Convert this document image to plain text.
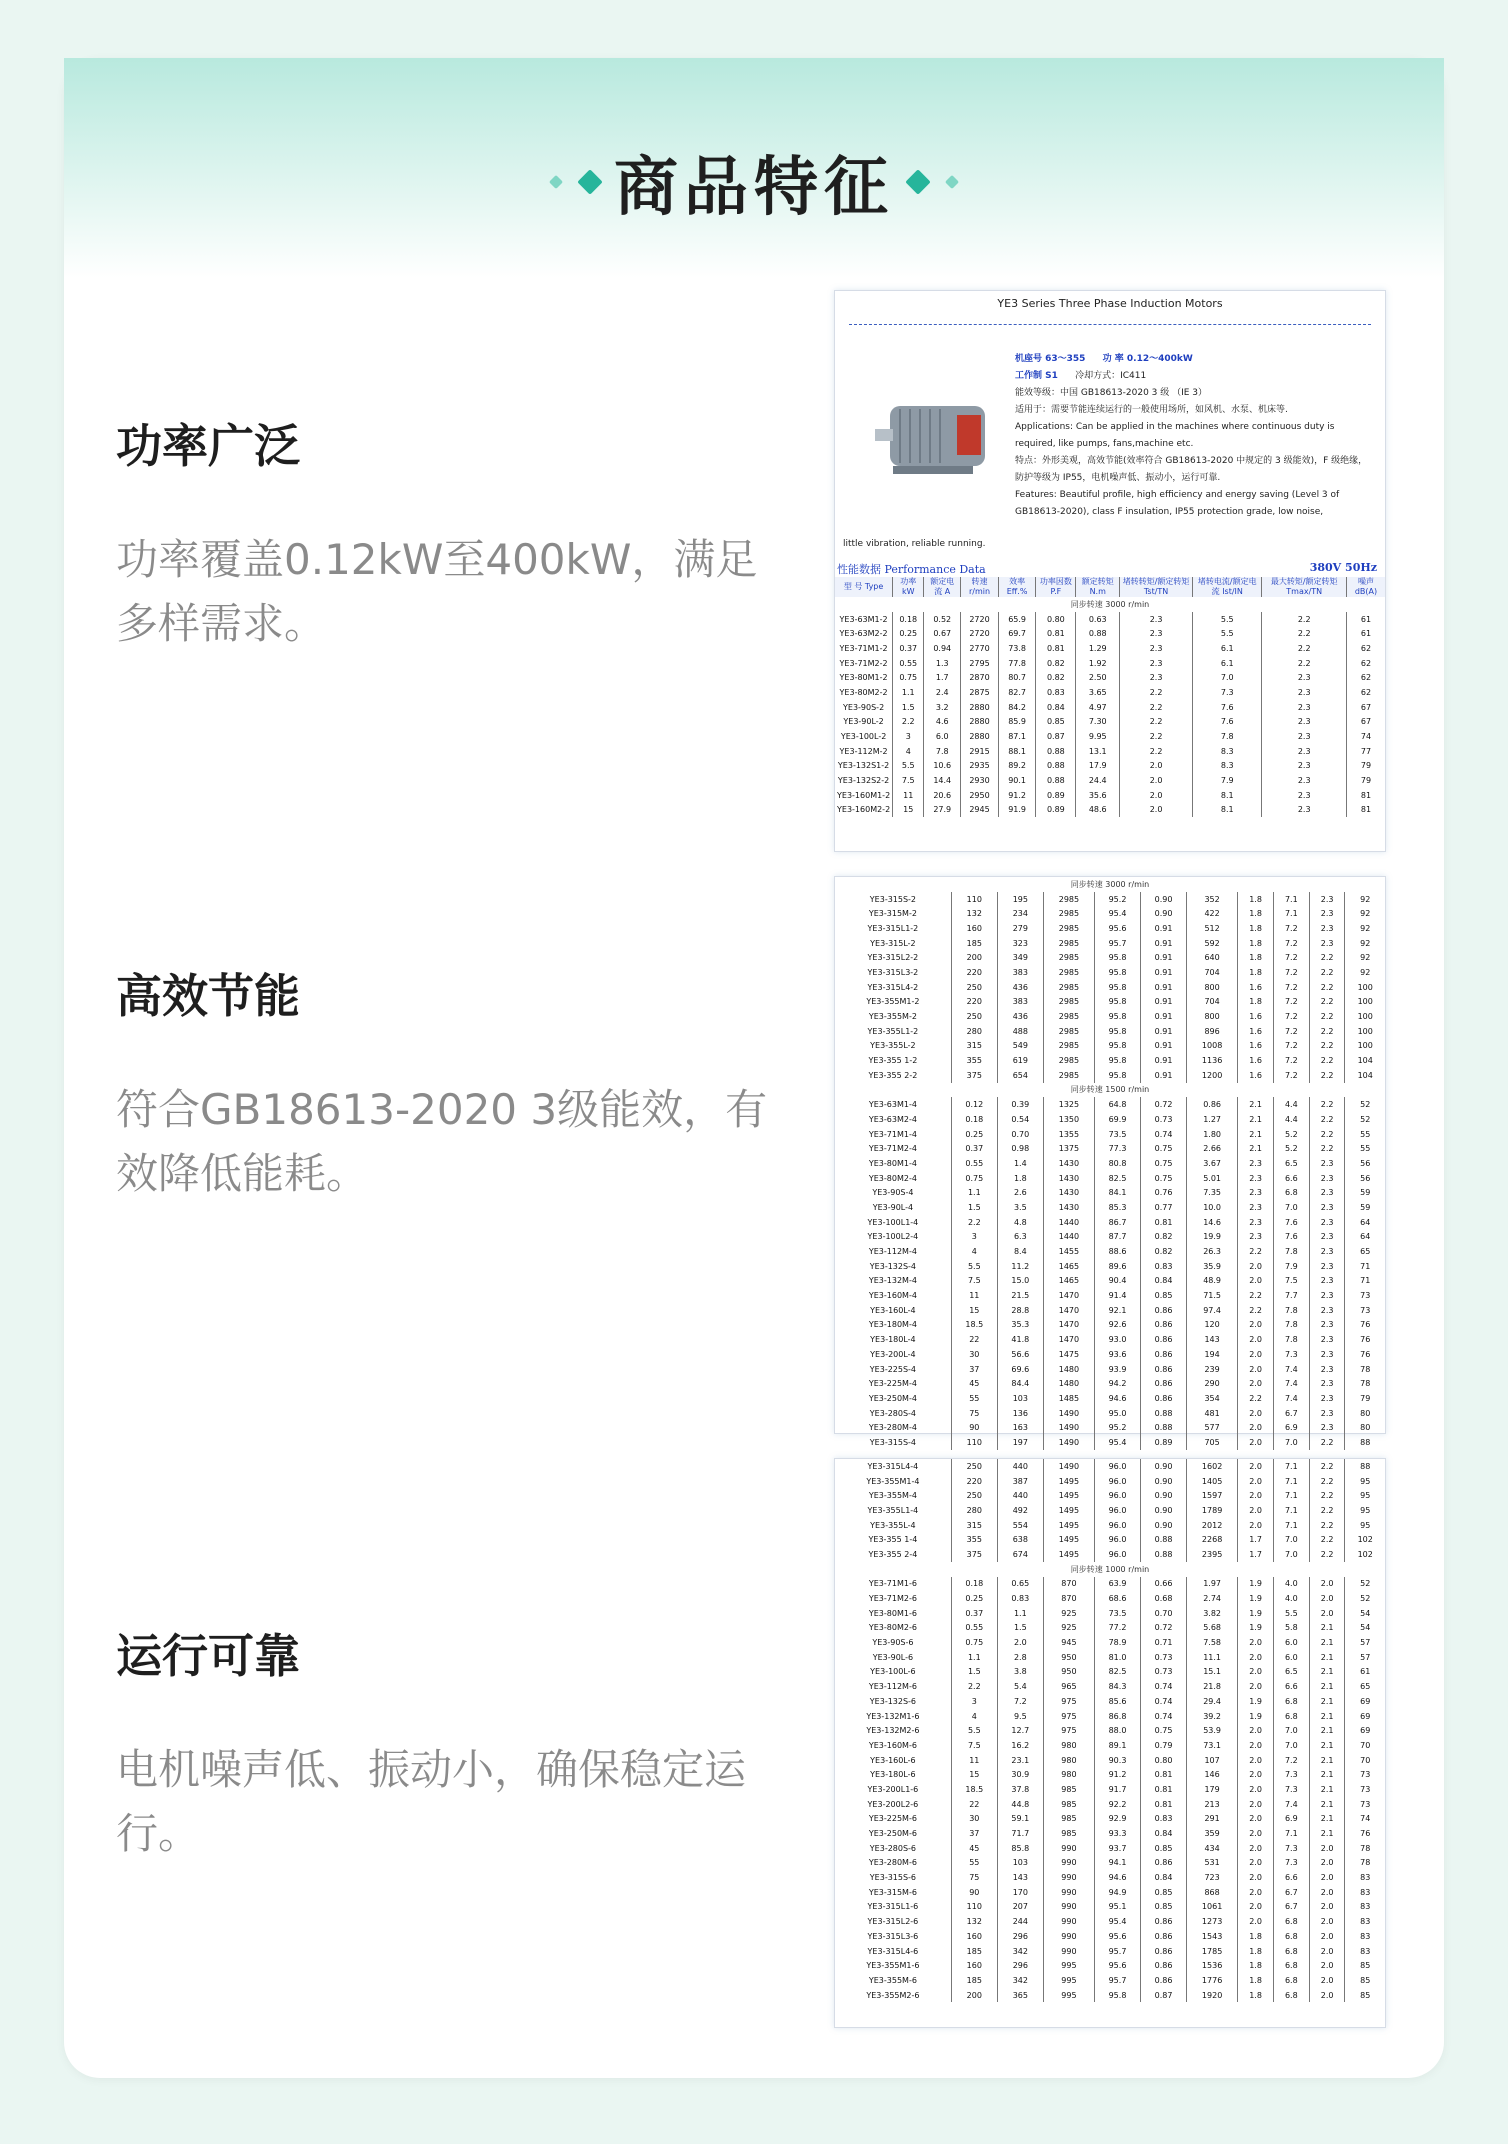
商品特征
功率广泛

功率覆盖0.12kW至400kW，满足多样需求。

高效节能

符合GB18613-2020 3级能效，有效降低能耗。

运行可靠

电机噪声低、振动小，确保稳定运行。

YE3 Series Three Phase Induction Motors
机座号 63～355 功 率 0.12～400kW
工作制 S1 冷却方式：IC411
能效等级：中国 GB18613-2020 3 级 （IE 3）
适用于：需要节能连续运行的一般使用场所，如风机、水泵、机床等.
Applications: Can be applied in the machines where continuous duty is required, like pumps, fans,machine etc.
特点：外形美观，高效节能(效率符合 GB18613-2020 中规定的 3 级能效)，F 级绝缘，防护等级为 IP55，电机噪声低、振动小，运行可靠.
Features: Beautiful profile, high efficiency and energy saving (Level 3 of GB18613-2020), class F insulation, IP55 protection grade, low noise,
little vibration, reliable running.
性能数据 Performance Data	380V 50Hz
型 号 Type	功率 kW	额定电流 A	转速 r/min	效率 Eff.%	功率因数 P.F	额定转矩 N.m	堵转转矩/额定转矩 Tst/TN	堵转电流/额定电流 Ist/IN	最大转矩/额定转矩 Tmax/TN	噪声 dB(A)
同步转速 3000 r/min										
YE3-63M1-2	0.18	0.52	2720	65.9	0.80	0.63	2.3	5.5	2.2	61
YE3-63M2-2	0.25	0.67	2720	69.7	0.81	0.88	2.3	5.5	2.2	61
YE3-71M1-2	0.37	0.94	2770	73.8	0.81	1.29	2.3	6.1	2.2	62
YE3-71M2-2	0.55	1.3	2795	77.8	0.82	1.92	2.3	6.1	2.2	62
YE3-80M1-2	0.75	1.7	2870	80.7	0.82	2.50	2.3	7.0	2.3	62
YE3-80M2-2	1.1	2.4	2875	82.7	0.83	3.65	2.2	7.3	2.3	62
YE3-90S-2	1.5	3.2	2880	84.2	0.84	4.97	2.2	7.6	2.3	67
YE3-90L-2	2.2	4.6	2880	85.9	0.85	7.30	2.2	7.6	2.3	67
YE3-100L-2	3	6.0	2880	87.1	0.87	9.95	2.2	7.8	2.3	74
YE3-112M-2	4	7.8	2915	88.1	0.88	13.1	2.2	8.3	2.3	77
YE3-132S1-2	5.5	10.6	2935	89.2	0.88	17.9	2.0	8.3	2.3	79
YE3-132S2-2	7.5	14.4	2930	90.1	0.88	24.4	2.0	7.9	2.3	79
YE3-160M1-2	11	20.6	2950	91.2	0.89	35.6	2.0	8.1	2.3	81
YE3-160M2-2	15	27.9	2945	91.9	0.89	48.6	2.0	8.1	2.3	81
同步转速 3000 r/min										
YE3-315S-2	110	195	2985	95.2	0.90	352	1.8	7.1	2.3	92
YE3-315M-2	132	234	2985	95.4	0.90	422	1.8	7.1	2.3	92
YE3-315L1-2	160	279	2985	95.6	0.91	512	1.8	7.2	2.3	92
YE3-315L-2	185	323	2985	95.7	0.91	592	1.8	7.2	2.3	92
YE3-315L2-2	200	349	2985	95.8	0.91	640	1.8	7.2	2.2	92
YE3-315L3-2	220	383	2985	95.8	0.91	704	1.8	7.2	2.2	92
YE3-315L4-2	250	436	2985	95.8	0.91	800	1.6	7.2	2.2	100
YE3-355M1-2	220	383	2985	95.8	0.91	704	1.8	7.2	2.2	100
YE3-355M-2	250	436	2985	95.8	0.91	800	1.6	7.2	2.2	100
YE3-355L1-2	280	488	2985	95.8	0.91	896	1.6	7.2	2.2	100
YE3-355L-2	315	549	2985	95.8	0.91	1008	1.6	7.2	2.2	100
YE3-355 1-2	355	619	2985	95.8	0.91	1136	1.6	7.2	2.2	104
YE3-355 2-2	375	654	2985	95.8	0.91	1200	1.6	7.2	2.2	104
同步转速 1500 r/min										
YE3-63M1-4	0.12	0.39	1325	64.8	0.72	0.86	2.1	4.4	2.2	52
YE3-63M2-4	0.18	0.54	1350	69.9	0.73	1.27	2.1	4.4	2.2	52
YE3-71M1-4	0.25	0.70	1355	73.5	0.74	1.80	2.1	5.2	2.2	55
YE3-71M2-4	0.37	0.98	1375	77.3	0.75	2.66	2.1	5.2	2.2	55
YE3-80M1-4	0.55	1.4	1430	80.8	0.75	3.67	2.3	6.5	2.3	56
YE3-80M2-4	0.75	1.8	1430	82.5	0.75	5.01	2.3	6.6	2.3	56
YE3-90S-4	1.1	2.6	1430	84.1	0.76	7.35	2.3	6.8	2.3	59
YE3-90L-4	1.5	3.5	1430	85.3	0.77	10.0	2.3	7.0	2.3	59
YE3-100L1-4	2.2	4.8	1440	86.7	0.81	14.6	2.3	7.6	2.3	64
YE3-100L2-4	3	6.3	1440	87.7	0.82	19.9	2.3	7.6	2.3	64
YE3-112M-4	4	8.4	1455	88.6	0.82	26.3	2.2	7.8	2.3	65
YE3-132S-4	5.5	11.2	1465	89.6	0.83	35.9	2.0	7.9	2.3	71
YE3-132M-4	7.5	15.0	1465	90.4	0.84	48.9	2.0	7.5	2.3	71
YE3-160M-4	11	21.5	1470	91.4	0.85	71.5	2.2	7.7	2.3	73
YE3-160L-4	15	28.8	1470	92.1	0.86	97.4	2.2	7.8	2.3	73
YE3-180M-4	18.5	35.3	1470	92.6	0.86	120	2.0	7.8	2.3	76
YE3-180L-4	22	41.8	1470	93.0	0.86	143	2.0	7.8	2.3	76
YE3-200L-4	30	56.6	1475	93.6	0.86	194	2.0	7.3	2.3	76
YE3-225S-4	37	69.6	1480	93.9	0.86	239	2.0	7.4	2.3	78
YE3-225M-4	45	84.4	1480	94.2	0.86	290	2.0	7.4	2.3	78
YE3-250M-4	55	103	1485	94.6	0.86	354	2.2	7.4	2.3	79
YE3-280S-4	75	136	1490	95.0	0.88	481	2.0	6.7	2.3	80
YE3-280M-4	90	163	1490	95.2	0.88	577	2.0	6.9	2.3	80
YE3-315S-4	110	197	1490	95.4	0.89	705	2.0	7.0	2.2	88
YE3-315L4-4	250	440	1490	96.0	0.90	1602	2.0	7.1	2.2	88
YE3-355M1-4	220	387	1495	96.0	0.90	1405	2.0	7.1	2.2	95
YE3-355M-4	250	440	1495	96.0	0.90	1597	2.0	7.1	2.2	95
YE3-355L1-4	280	492	1495	96.0	0.90	1789	2.0	7.1	2.2	95
YE3-355L-4	315	554	1495	96.0	0.90	2012	2.0	7.1	2.2	95
YE3-355 1-4	355	638	1495	96.0	0.88	2268	1.7	7.0	2.2	102
YE3-355 2-4	375	674	1495	96.0	0.88	2395	1.7	7.0	2.2	102
同步转速 1000 r/min										
YE3-71M1-6	0.18	0.65	870	63.9	0.66	1.97	1.9	4.0	2.0	52
YE3-71M2-6	0.25	0.83	870	68.6	0.68	2.74	1.9	4.0	2.0	52
YE3-80M1-6	0.37	1.1	925	73.5	0.70	3.82	1.9	5.5	2.0	54
YE3-80M2-6	0.55	1.5	925	77.2	0.72	5.68	1.9	5.8	2.1	54
YE3-90S-6	0.75	2.0	945	78.9	0.71	7.58	2.0	6.0	2.1	57
YE3-90L-6	1.1	2.8	950	81.0	0.73	11.1	2.0	6.0	2.1	57
YE3-100L-6	1.5	3.8	950	82.5	0.73	15.1	2.0	6.5	2.1	61
YE3-112M-6	2.2	5.4	965	84.3	0.74	21.8	2.0	6.6	2.1	65
YE3-132S-6	3	7.2	975	85.6	0.74	29.4	1.9	6.8	2.1	69
YE3-132M1-6	4	9.5	975	86.8	0.74	39.2	1.9	6.8	2.1	69
YE3-132M2-6	5.5	12.7	975	88.0	0.75	53.9	2.0	7.0	2.1	69
YE3-160M-6	7.5	16.2	980	89.1	0.79	73.1	2.0	7.0	2.1	70
YE3-160L-6	11	23.1	980	90.3	0.80	107	2.0	7.2	2.1	70
YE3-180L-6	15	30.9	980	91.2	0.81	146	2.0	7.3	2.1	73
YE3-200L1-6	18.5	37.8	985	91.7	0.81	179	2.0	7.3	2.1	73
YE3-200L2-6	22	44.8	985	92.2	0.81	213	2.0	7.4	2.1	73
YE3-225M-6	30	59.1	985	92.9	0.83	291	2.0	6.9	2.1	74
YE3-250M-6	37	71.7	985	93.3	0.84	359	2.0	7.1	2.1	76
YE3-280S-6	45	85.8	990	93.7	0.85	434	2.0	7.3	2.0	78
YE3-280M-6	55	103	990	94.1	0.86	531	2.0	7.3	2.0	78
YE3-315S-6	75	143	990	94.6	0.84	723	2.0	6.6	2.0	83
YE3-315M-6	90	170	990	94.9	0.85	868	2.0	6.7	2.0	83
YE3-315L1-6	110	207	990	95.1	0.85	1061	2.0	6.7	2.0	83
YE3-315L2-6	132	244	990	95.4	0.86	1273	2.0	6.8	2.0	83
YE3-315L3-6	160	296	990	95.6	0.86	1543	1.8	6.8	2.0	83
YE3-315L4-6	185	342	990	95.7	0.86	1785	1.8	6.8	2.0	83
YE3-355M1-6	160	296	995	95.6	0.86	1536	1.8	6.8	2.0	85
YE3-355M-6	185	342	995	95.7	0.86	1776	1.8	6.8	2.0	85
YE3-355M2-6	200	365	995	95.8	0.87	1920	1.8	6.8	2.0	85
